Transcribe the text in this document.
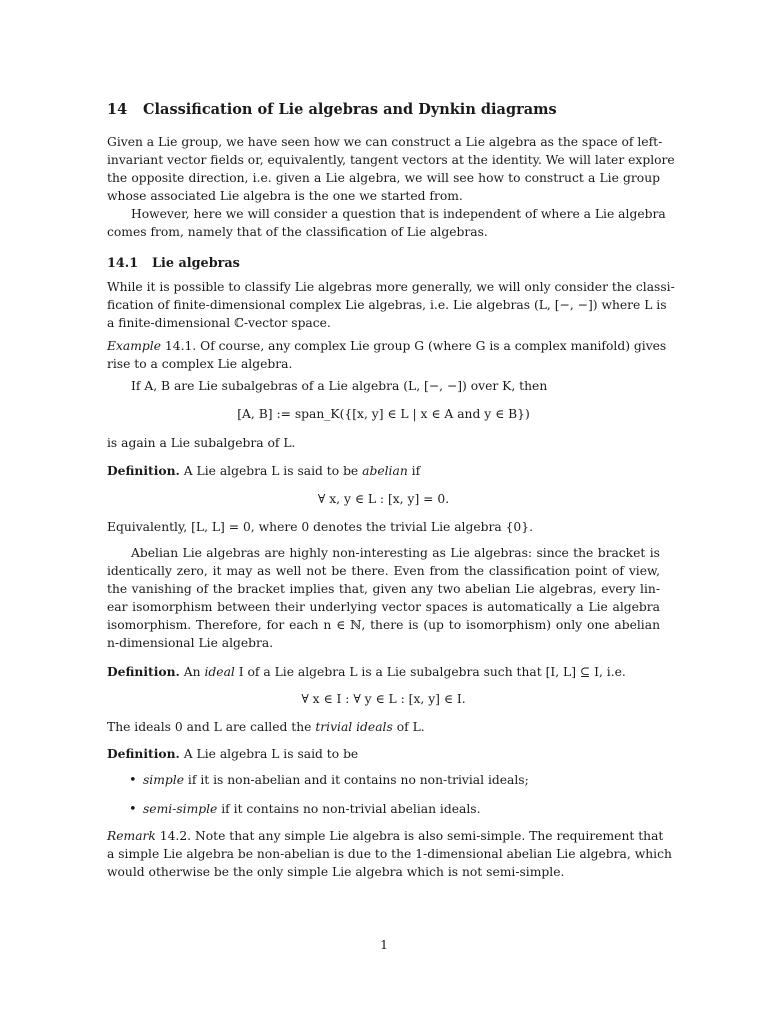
14 Classification of Lie algebras and Dynkin diagrams
Given a Lie group, we have seen how we can construct a Lie algebra as the space of left-
invariant vector fields or, equivalently, tangent vectors at the identity. We will later explore
the opposite direction, i.e. given a Lie algebra, we will see how to construct a Lie group
whose associated Lie algebra is the one we started from.
However, here we will consider a question that is independent of where a Lie algebra
comes from, namely that of the classification of Lie algebras.
14.1 Lie algebras
While it is possible to classify Lie algebras more generally, we will only consider the classi-
fication of finite-dimensional complex Lie algebras, i.e. Lie algebras (L, [−, −]) where L is
a finite-dimensional ℂ-vector space.
Example 14.1. Of course, any complex Lie group G (where G is a complex manifold) gives
rise to a complex Lie algebra.
If A, B are Lie subalgebras of a Lie algebra (L, [−, −]) over K, then
[A, B] := span_K({[x, y] ∈ L | x ∈ A and y ∈ B})
is again a Lie subalgebra of L.
Definition. A Lie algebra L is said to be abelian if
∀ x, y ∈ L : [x, y] = 0.
Equivalently, [L, L] = 0, where 0 denotes the trivial Lie algebra {0}.
Abelian Lie algebras are highly non-interesting as Lie algebras: since the bracket is
identically zero, it may as well not be there. Even from the classification point of view,
the vanishing of the bracket implies that, given any two abelian Lie algebras, every lin-
ear isomorphism between their underlying vector spaces is automatically a Lie algebra
isomorphism. Therefore, for each n ∈ ℕ, there is (up to isomorphism) only one abelian
n-dimensional Lie algebra.
Definition. An ideal I of a Lie algebra L is a Lie subalgebra such that [I, L] ⊆ I, i.e.
∀ x ∈ I : ∀ y ∈ L : [x, y] ∈ I.
The ideals 0 and L are called the trivial ideals of L.
Definition. A Lie algebra L is said to be
• simple if it is non-abelian and it contains no non-trivial ideals;
• semi-simple if it contains no non-trivial abelian ideals.
Remark 14.2. Note that any simple Lie algebra is also semi-simple. The requirement that
a simple Lie algebra be non-abelian is due to the 1-dimensional abelian Lie algebra, which
would otherwise be the only simple Lie algebra which is not semi-simple.
1
